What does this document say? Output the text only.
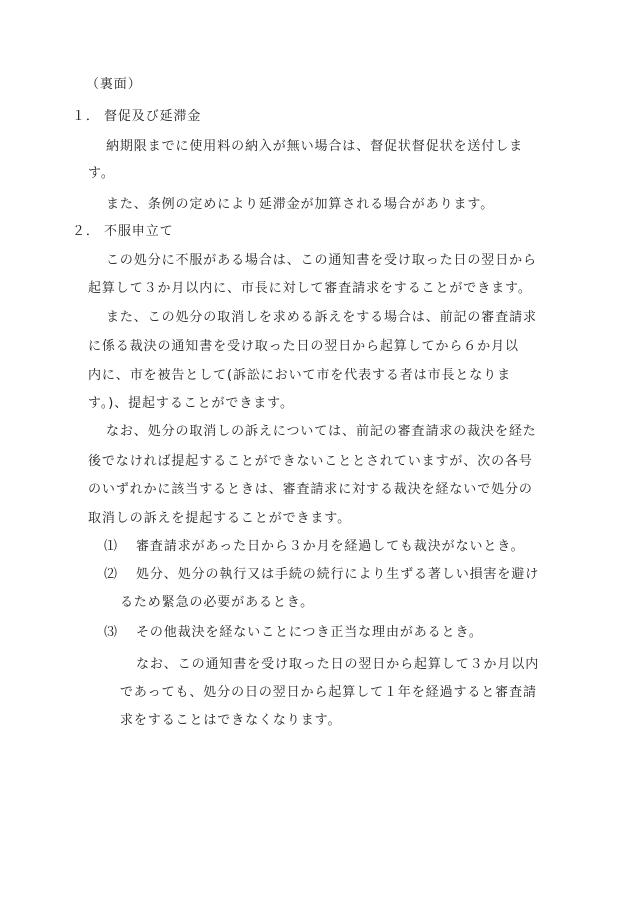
（裏面）
１． 督促及び延滞金
納期限までに使用料の納入が無い場合は、督促状督促状を送付しま
す。
また、条例の定めにより延滞金が加算される場合があります。
２． 不服申立て
この処分に不服がある場合は、この通知書を受け取った日の翌日から
起算して３か月以内に、市長に対して審査請求をすることができます。
また、この処分の取消しを求める訴えをする場合は、前記の審査請求
に係る裁決の通知書を受け取った日の翌日から起算してから６か月以
内に、市を被告として(訴訟において市を代表する者は市長となりま
す。)、提起することができます。
なお、処分の取消しの訴えについては、前記の審査請求の裁決を経た
後でなければ提起することができないこととされていますが、次の各号
のいずれかに該当するときは、審査請求に対する裁決を経ないで処分の
取消しの訴えを提起することができます。
⑴ 審査請求があった日から３か月を経過しても裁決がないとき。
⑵ 処分、処分の執行又は手続の続行により生ずる著しい損害を避け
るため緊急の必要があるとき。
⑶ その他裁決を経ないことにつき正当な理由があるとき。
なお、この通知書を受け取った日の翌日から起算して３か月以内
であっても、処分の日の翌日から起算して１年を経過すると審査請
求をすることはできなくなります。
